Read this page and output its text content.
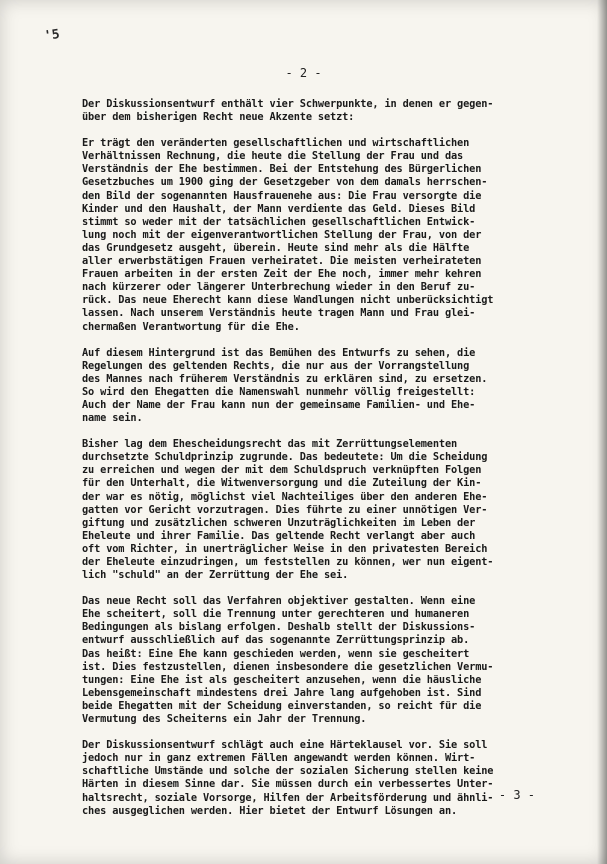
'5
- 2 -
Der Diskussionsentwurf enthält vier Schwerpunkte, in denen er gegen-
über dem bisherigen Recht neue Akzente setzt:
Er trägt den veränderten gesellschaftlichen und wirtschaftlichen
Verhältnissen Rechnung, die heute die Stellung der Frau und das
Verständnis der Ehe bestimmen. Bei der Entstehung des Bürgerlichen
Gesetzbuches um 1900 ging der Gesetzgeber von dem damals herrschen-
den Bild der sogenannten Hausfrauenehe aus: Die Frau versorgte die
Kinder und den Haushalt, der Mann verdiente das Geld. Dieses Bild
stimmt so weder mit der tatsächlichen gesellschaftlichen Entwick-
lung noch mit der eigenverantwortlichen Stellung der Frau, von der
das Grundgesetz ausgeht, überein. Heute sind mehr als die Hälfte
aller erwerbstätigen Frauen verheiratet. Die meisten verheirateten
Frauen arbeiten in der ersten Zeit der Ehe noch, immer mehr kehren
nach kürzerer oder längerer Unterbrechung wieder in den Beruf zu-
rück. Das neue Eherecht kann diese Wandlungen nicht unberücksichtigt
lassen. Nach unserem Verständnis heute tragen Mann und Frau glei-
chermaßen Verantwortung für die Ehe.
Auf diesem Hintergrund ist das Bemühen des Entwurfs zu sehen, die
Regelungen des geltenden Rechts, die nur aus der Vorrangstellung
des Mannes nach früherem Verständnis zu erklären sind, zu ersetzen.
So wird den Ehegatten die Namenswahl nunmehr völlig freigestellt:
Auch der Name der Frau kann nun der gemeinsame Familien- und Ehe-
name sein.
Bisher lag dem Ehescheidungsrecht das mit Zerrüttungselementen
durchsetzte Schuldprinzip zugrunde. Das bedeutete: Um die Scheidung
zu erreichen und wegen der mit dem Schuldspruch verknüpften Folgen
für den Unterhalt, die Witwenversorgung und die Zuteilung der Kin-
der war es nötig, möglichst viel Nachteiliges über den anderen Ehe-
gatten vor Gericht vorzutragen. Dies führte zu einer unnötigen Ver-
giftung und zusätzlichen schweren Unzuträglichkeiten im Leben der
Eheleute und ihrer Familie. Das geltende Recht verlangt aber auch
oft vom Richter, in unerträglicher Weise in den privatesten Bereich
der Eheleute einzudringen, um feststellen zu können, wer nun eigent-
lich "schuld" an der Zerrüttung der Ehe sei.
Das neue Recht soll das Verfahren objektiver gestalten. Wenn eine
Ehe scheitert, soll die Trennung unter gerechteren und humaneren
Bedingungen als bislang erfolgen. Deshalb stellt der Diskussions-
entwurf ausschließlich auf das sogenannte Zerrüttungsprinzip ab.
Das heißt: Eine Ehe kann geschieden werden, wenn sie gescheitert
ist. Dies festzustellen, dienen insbesondere die gesetzlichen Vermu-
tungen: Eine Ehe ist als gescheitert anzusehen, wenn die häusliche
Lebensgemeinschaft mindestens drei Jahre lang aufgehoben ist. Sind
beide Ehegatten mit der Scheidung einverstanden, so reicht für die
Vermutung des Scheiterns ein Jahr der Trennung.
Der Diskussionsentwurf schlägt auch eine Härteklausel vor. Sie soll
jedoch nur in ganz extremen Fällen angewandt werden können. Wirt-
schaftliche Umstände und solche der sozialen Sicherung stellen keine
Härten in diesem Sinne dar. Sie müssen durch ein verbessertes Unter-
haltsrecht, soziale Vorsorge, Hilfen der Arbeitsförderung und ähnli-
ches ausgeglichen werden. Hier bietet der Entwurf Lösungen an.
- 3 -
